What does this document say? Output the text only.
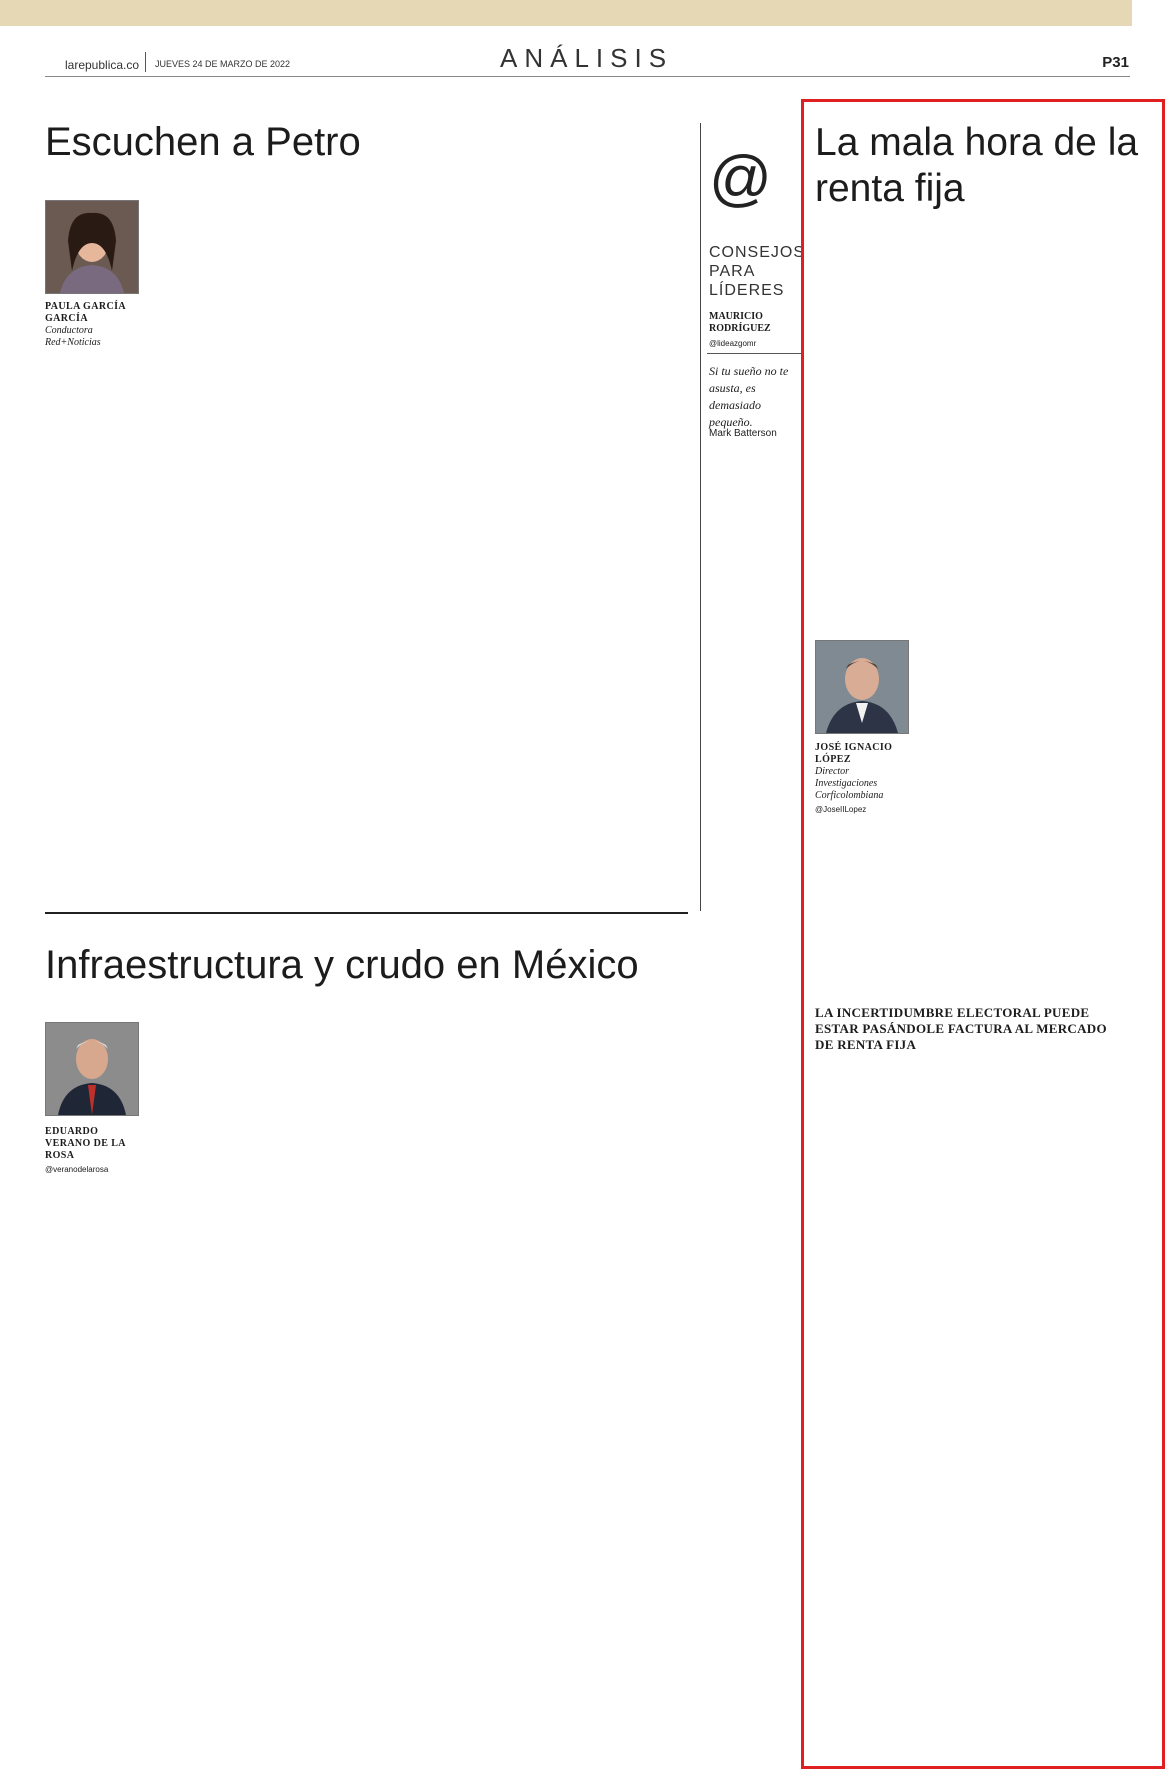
larepublica.co JUEVES 24 DE MARZO DE 2022	ANÁLISIS	P31
Escuchen a Petro
PAULA GARCÍA GARCÍA
Conductora Red+Noticias
@
CONSEJOS PARA LÍDERES
MAURICIO RODRÍGUEZ
@lideazgomr
Si tu sueño no te asusta, es demasiado pequeño.
Mark Batterson
Infraestructura y crudo en México
EDUARDO VERANO DE LA ROSA
@veranodelarosa
La mala hora de la renta fija
JOSÉ IGNACIO LÓPEZ
Director Investigaciones Corficolombiana
@JoseIILopez
LA INCERTIDUMBRE ELECTORAL PUEDE ESTAR PASÁNDOLE FACTURA AL MERCADO DE RENTA FIJA
